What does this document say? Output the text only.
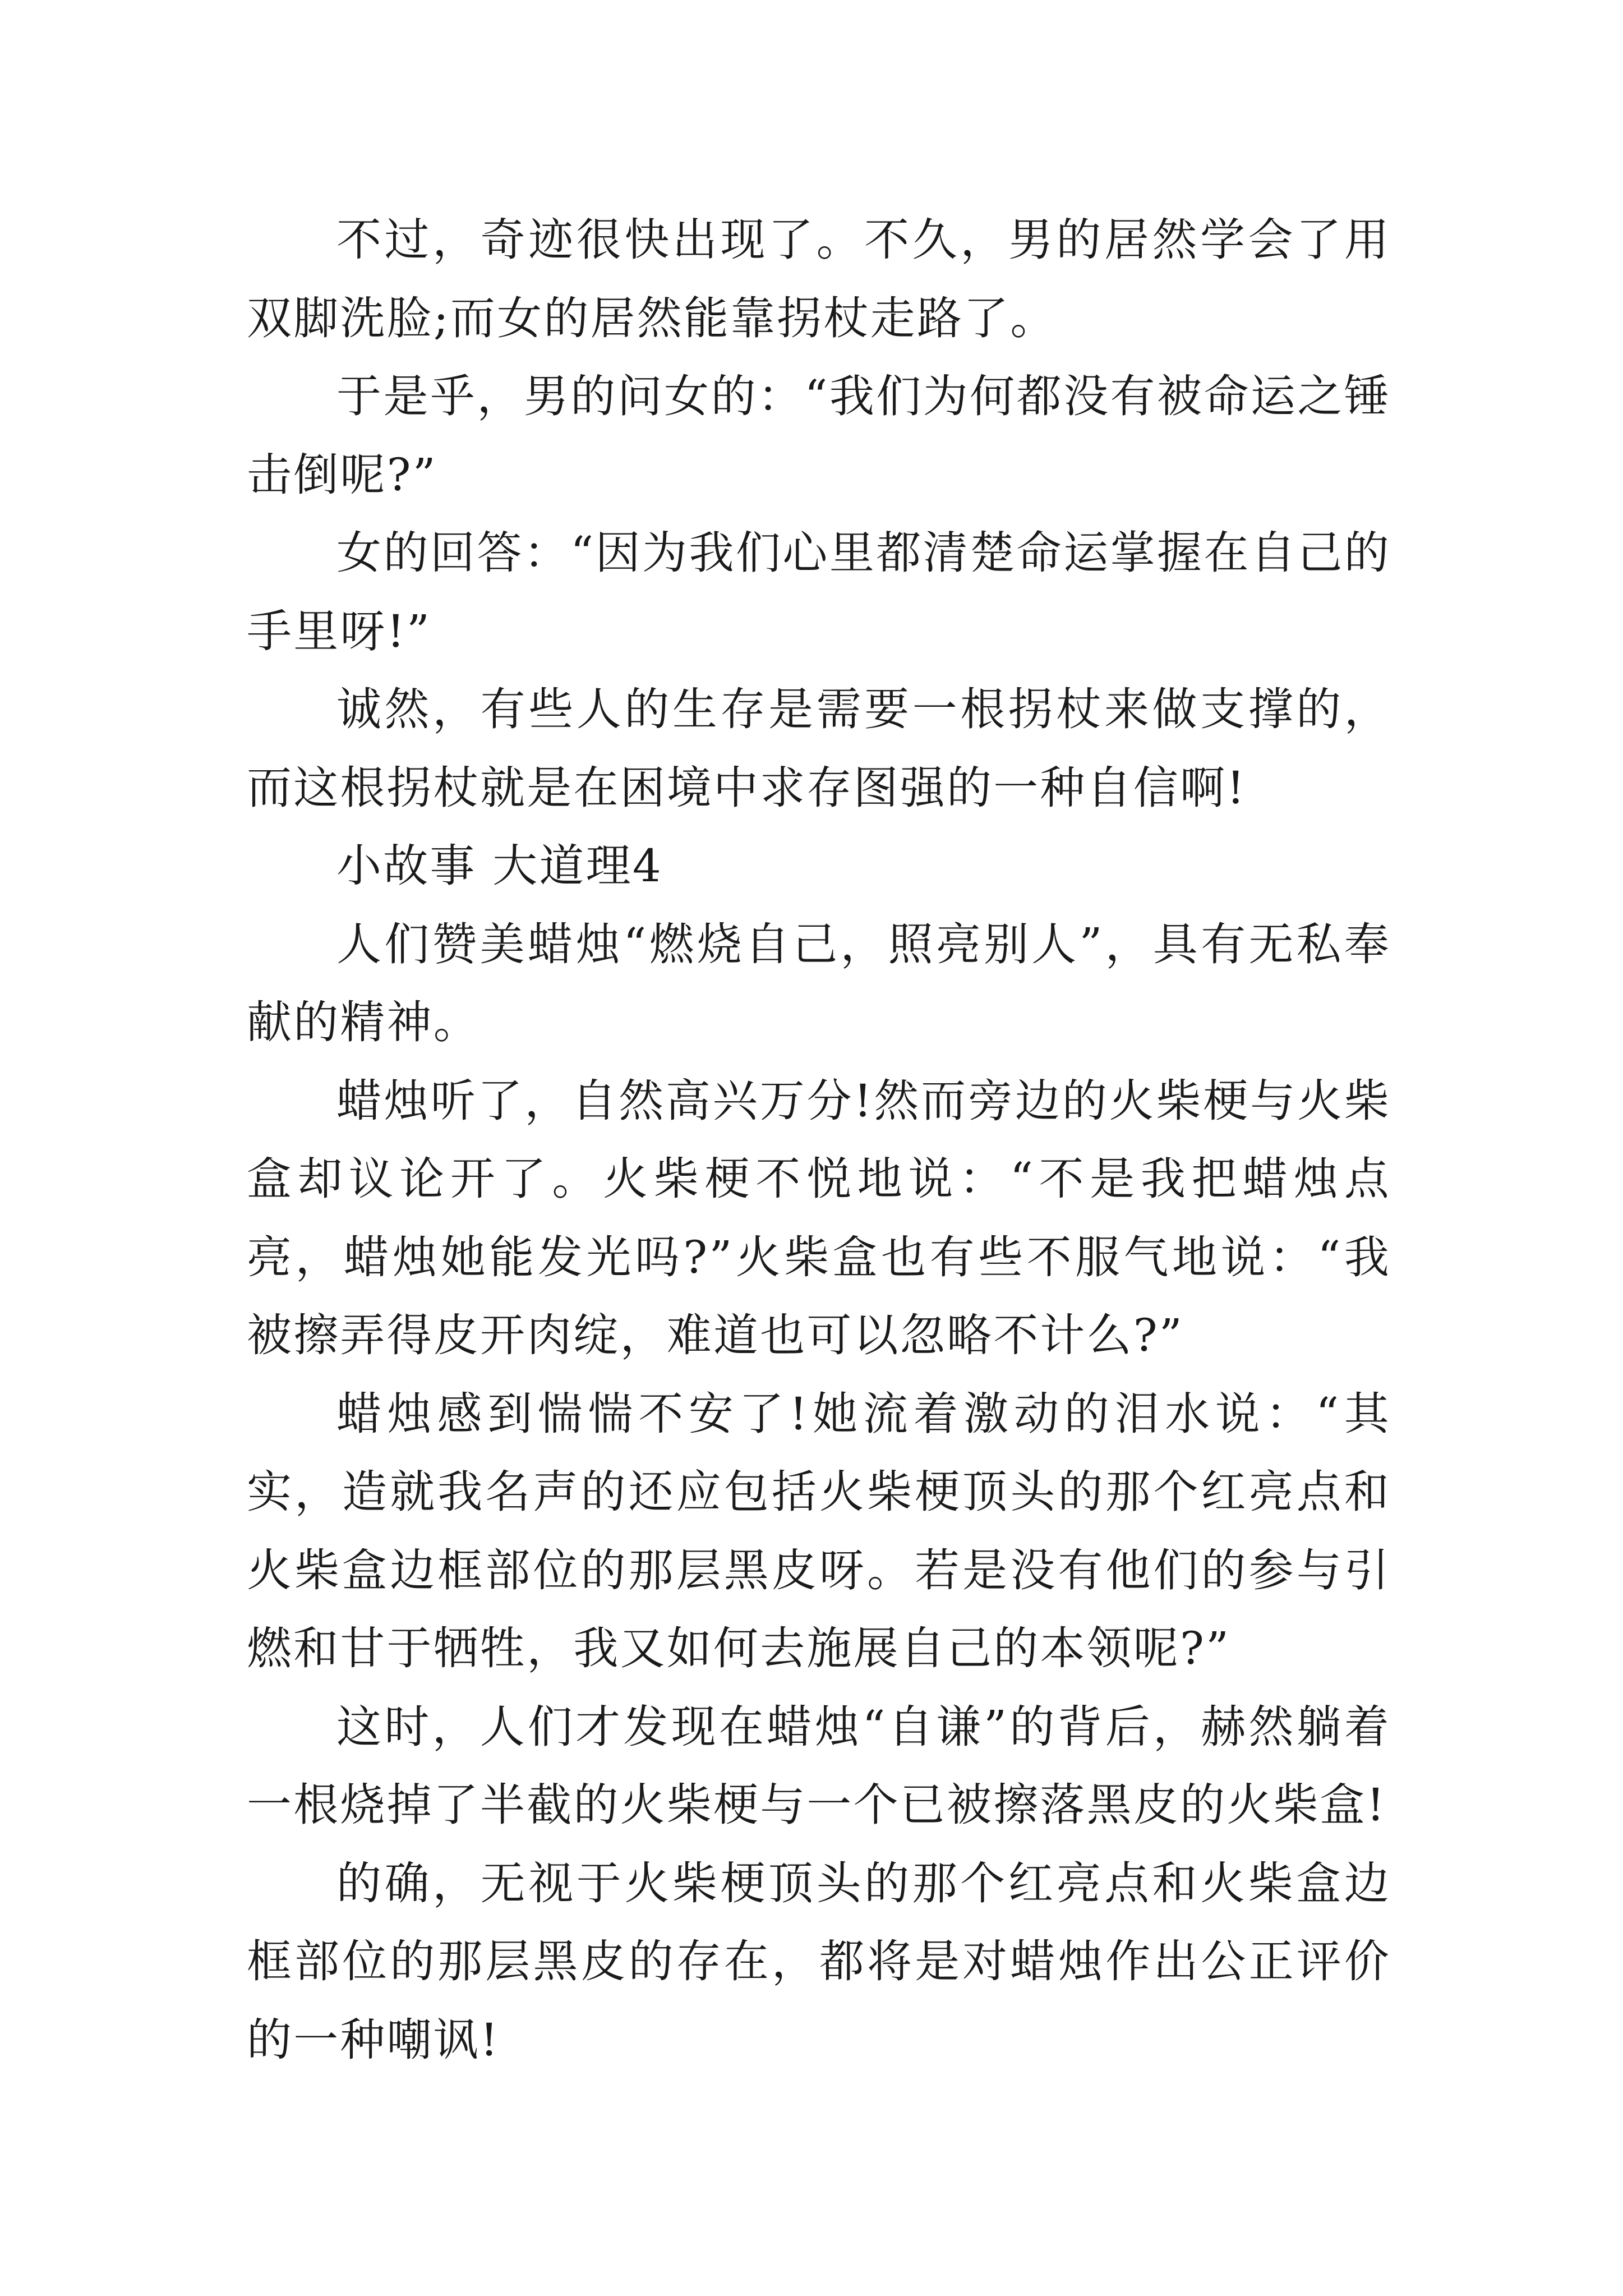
不过，奇迹很快出现了。不久，男的居然学会了用双脚洗脸;而女的居然能靠拐杖走路了。

于是乎，男的问女的：“我们为何都没有被命运之锤击倒呢?”

女的回答：“因为我们心里都清楚命运掌握在自己的手里呀!”

诚然，有些人的生存是需要一根拐杖来做支撑的，而这根拐杖就是在困境中求存图强的一种自信啊!

小故事 大道理4

人们赞美蜡烛“燃烧自己，照亮别人”，具有无私奉献的精神。

蜡烛听了，自然高兴万分!然而旁边的火柴梗与火柴盒却议论开了。火柴梗不悦地说：“不是我把蜡烛点亮，蜡烛她能发光吗?”火柴盒也有些不服气地说：“我被擦弄得皮开肉绽，难道也可以忽略不计么?”

蜡烛感到惴惴不安了!她流着激动的泪水说：“其实，造就我名声的还应包括火柴梗顶头的那个红亮点和火柴盒边框部位的那层黑皮呀。若是没有他们的参与引燃和甘于牺牲，我又如何去施展自己的本领呢?”

这时，人们才发现在蜡烛“自谦”的背后，赫然躺着一根烧掉了半截的火柴梗与一个已被擦落黑皮的火柴盒!

的确，无视于火柴梗顶头的那个红亮点和火柴盒边框部位的那层黑皮的存在，都将是对蜡烛作出公正评价的一种嘲讽!
